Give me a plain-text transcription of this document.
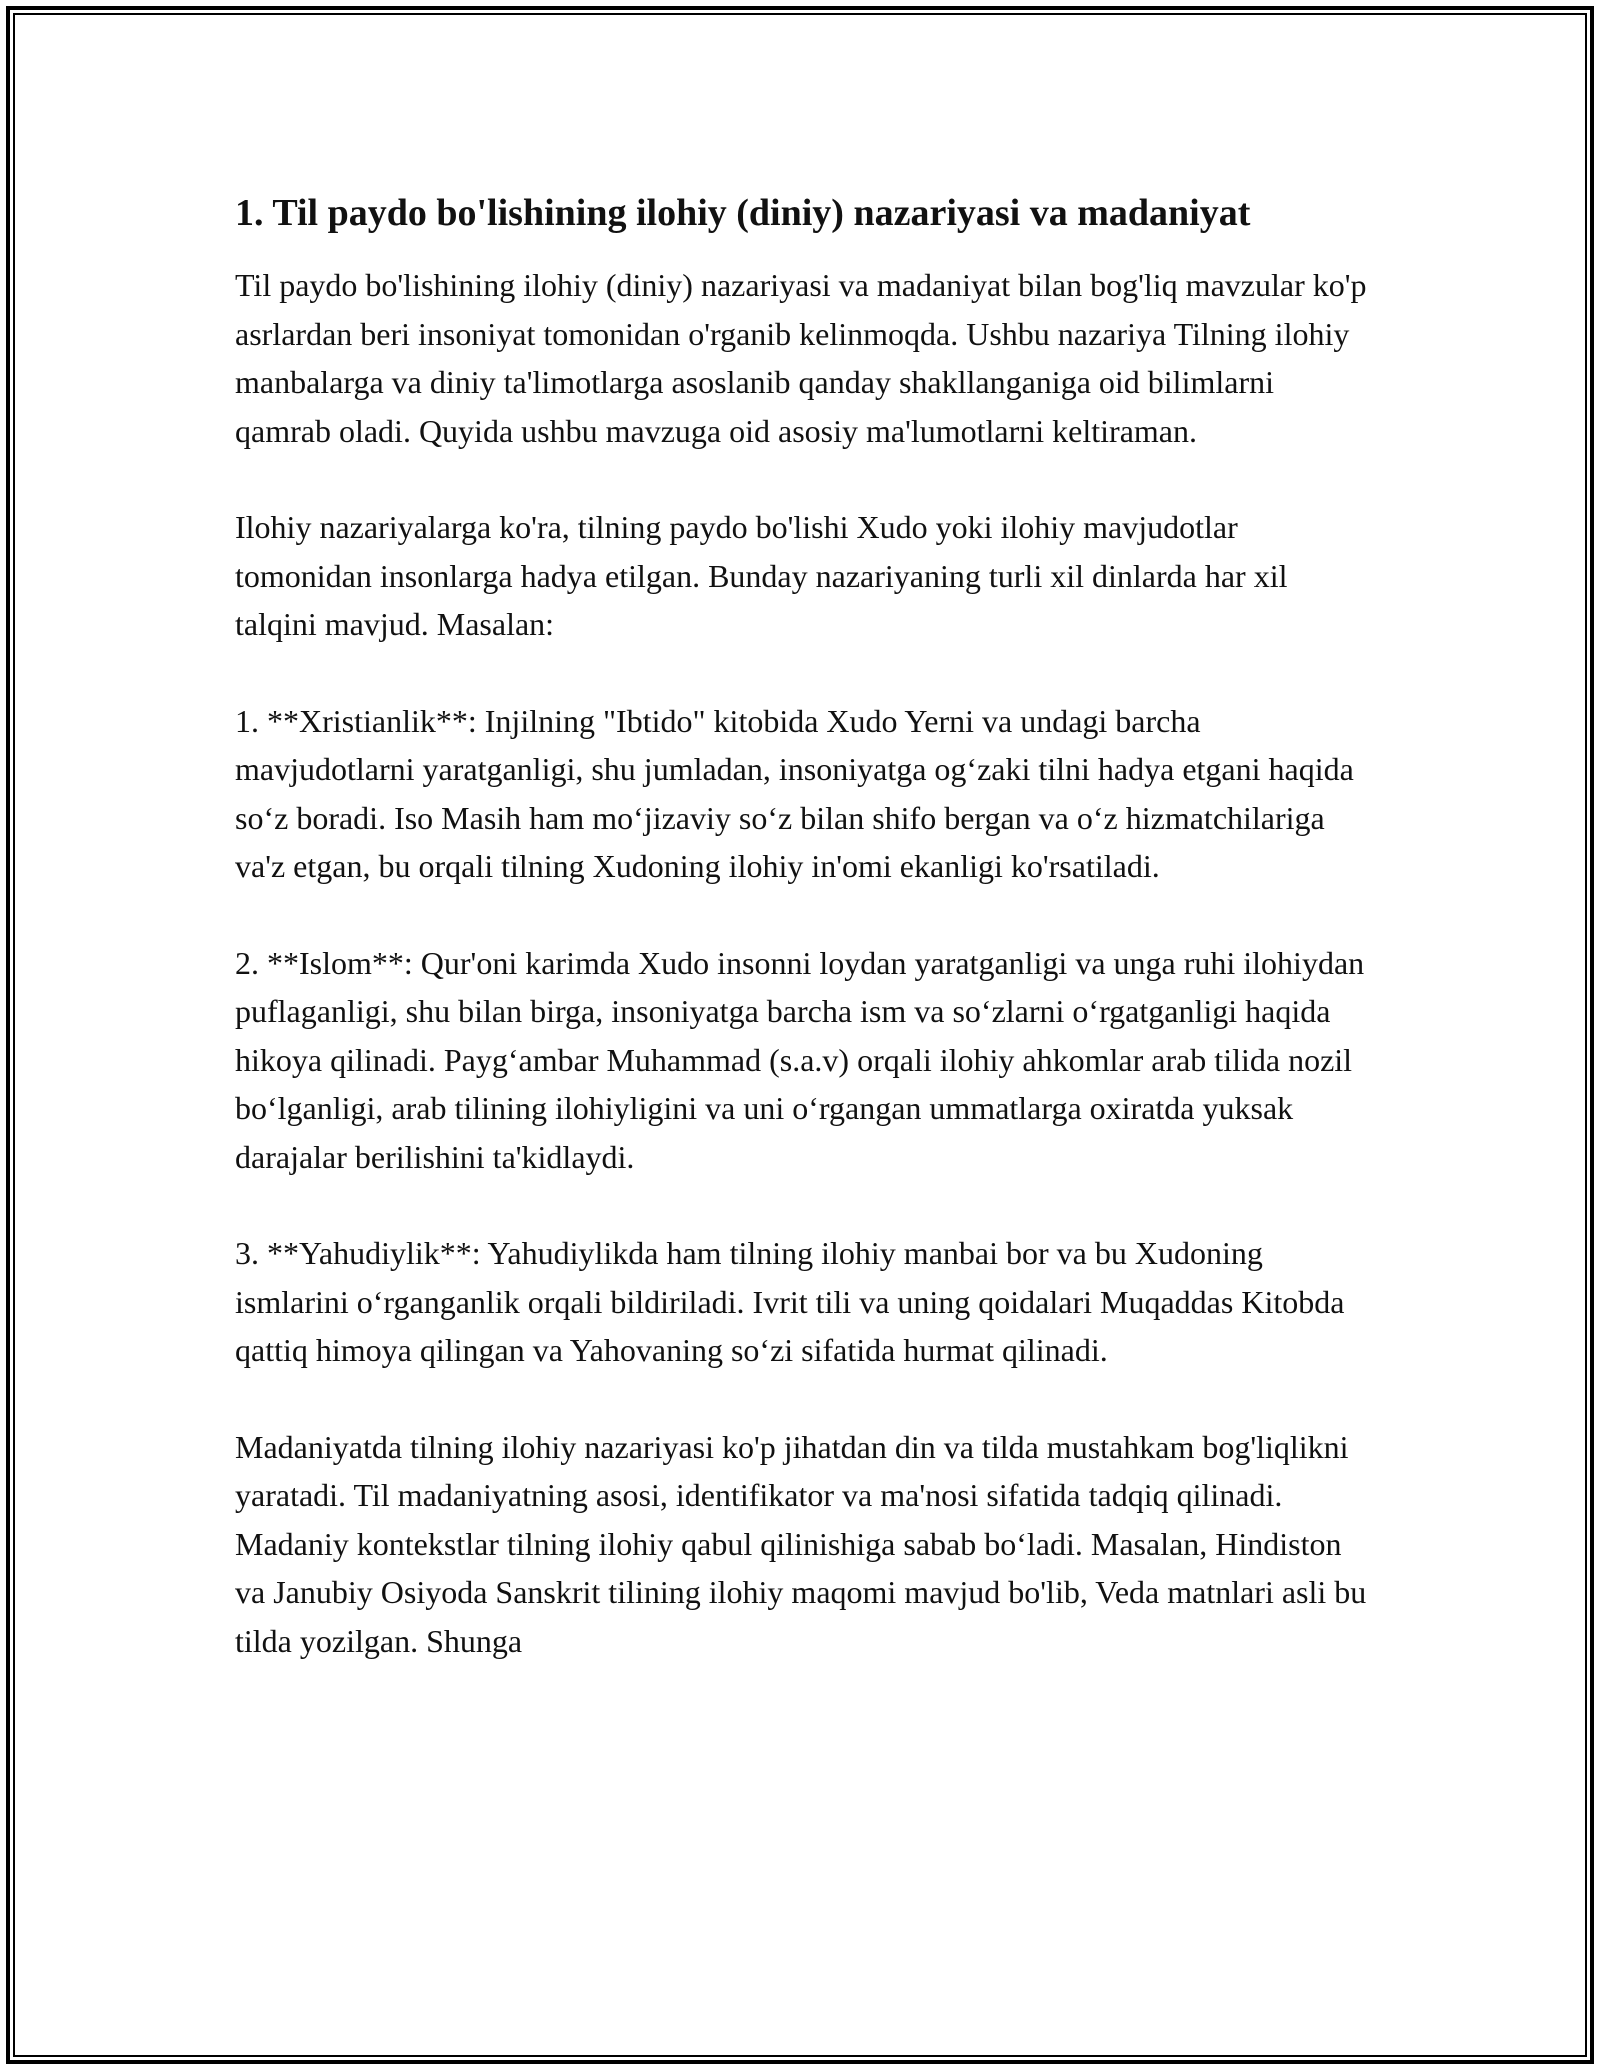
1. Til paydo bo'lishining ilohiy (diniy) nazariyasi va madaniyat

Til paydo bo'lishining ilohiy (diniy) nazariyasi va madaniyat bilan bog'liq mavzular ko'p asrlardan beri insoniyat tomonidan o'rganib kelinmoqda. Ushbu nazariya Tilning ilohiy manbalarga va diniy ta'limotlarga asoslanib qanday shakllanganiga oid bilimlarni qamrab oladi. Quyida ushbu mavzuga oid asosiy ma'lumotlarni keltiraman.

Ilohiy nazariyalarga ko'ra, tilning paydo bo'lishi Xudo yoki ilohiy mavjudotlar tomonidan insonlarga hadya etilgan. Bunday nazariyaning turli xil dinlarda har xil talqini mavjud. Masalan:

1. **Xristianlik**: Injilning "Ibtido" kitobida Xudo Yerni va undagi barcha mavjudotlarni yaratganligi, shu jumladan, insoniyatga og‘zaki tilni hadya etgani haqida so‘z boradi. Iso Masih ham mo‘jizaviy so‘z bilan shifo bergan va o‘z hizmatchilariga va'z etgan, bu orqali tilning Xudoning ilohiy in'omi ekanligi ko'rsatiladi.

2. **Islom**: Qur'oni karimda Xudo insonni loydan yaratganligi va unga ruhi ilohiydan puflaganligi, shu bilan birga, insoniyatga barcha ism va so‘zlarni o‘rgatganligi haqida hikoya qilinadi. Payg‘ambar Muhammad (s.a.v) orqali ilohiy ahkomlar arab tilida nozil bo‘lganligi, arab tilining ilohiyligini va uni o‘rgangan ummatlarga oxiratda yuksak darajalar berilishini ta'kidlaydi.

3. **Yahudiylik**: Yahudiylikda ham tilning ilohiy manbai bor va bu Xudoning ismlarini o‘rganganlik orqali bildiriladi. Ivrit tili va uning qoidalari Muqaddas Kitobda qattiq himoya qilingan va Yahovaning so‘zi sifatida hurmat qilinadi.

Madaniyatda tilning ilohiy nazariyasi ko'p jihatdan din va tilda mustahkam bog'liqlikni yaratadi. Til madaniyatning asosi, identifikator va ma'nosi sifatida tadqiq qilinadi. Madaniy kontekstlar tilning ilohiy qabul qilinishiga sabab bo‘ladi. Masalan, Hindiston va Janubiy Osiyoda Sanskrit tilining ilohiy maqomi mavjud bo'lib, Veda matnlari asli bu tilda yozilgan. Shunga
